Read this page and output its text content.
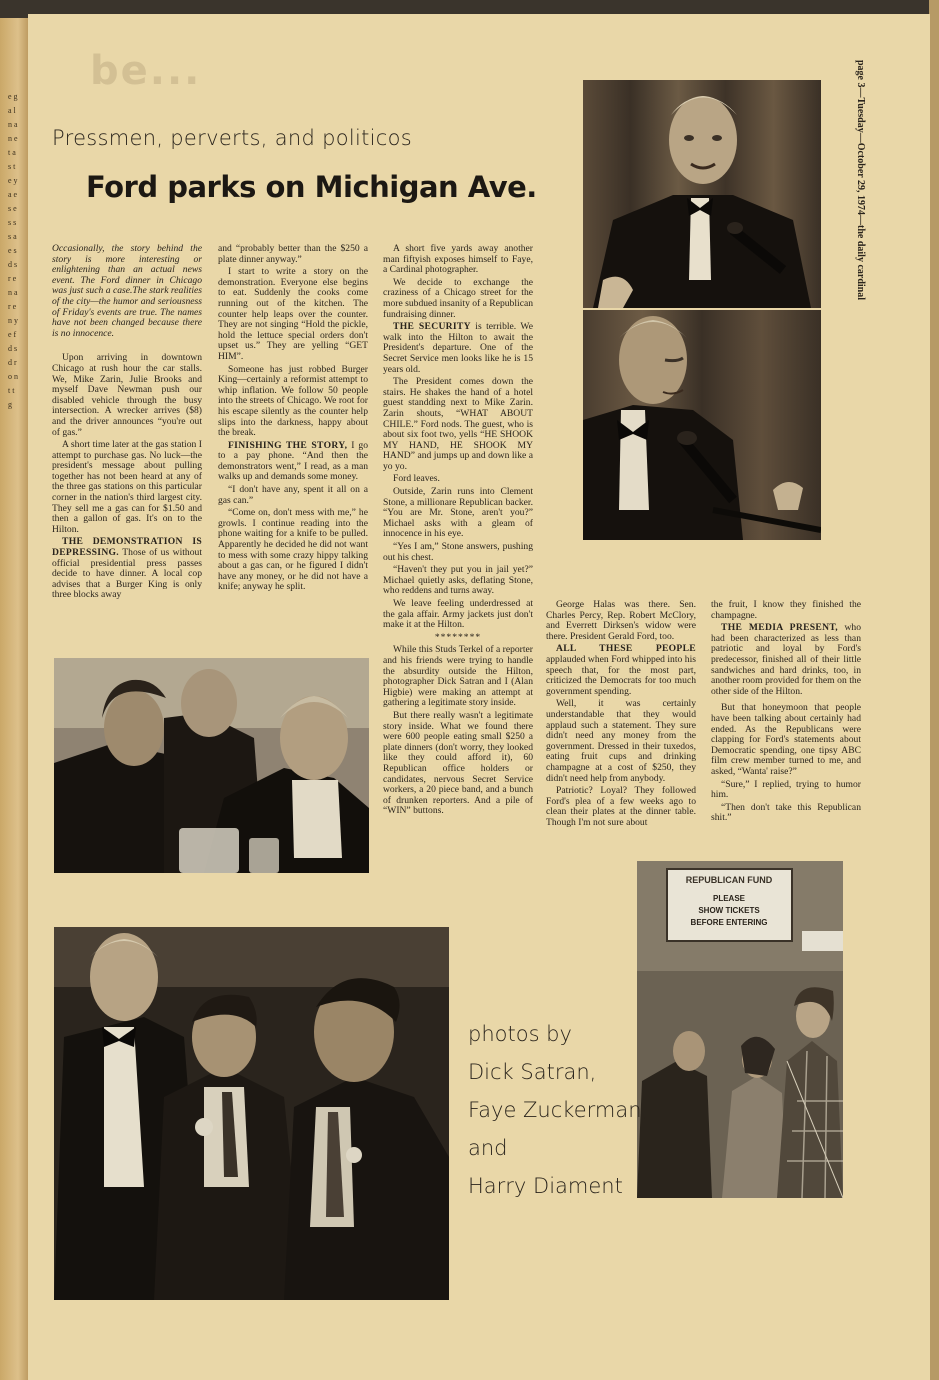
e g a l n a n e t a s t e y a e s e s s s a e s d s r e n a r e n y e f d s d r o n t t g
be...
Pressmen, perverts, and politicos
Ford parks on Michigan Ave.

Occasionally, the story behind the story is more interesting or enlightening than an actual news event. The Ford dinner in Chicago was just such a case.The stark realities of the city—the humor and seriousness of Friday's events are true. The names have not been changed because there is no innocence.

Upon arriving in downtown Chicago at rush hour the car stalls. We, Mike Zarin, Julie Brooks and myself Dave Newman push our disabled vehicle through the busy intersection. A wrecker arrives ($8) and the driver announces “you're out of gas.”

A short time later at the gas station I attempt to purchase gas. No luck—the president's message about pulling together has not been heard at any of the three gas stations on this particular corner in the nation's third largest city. They sell me a gas can for $1.50 and then a gallon of gas. It's on to the Hilton.

THE DEMONSTRATION IS DEPRESSING. Those of us without official presidential press passes decide to have dinner. A local cop advises that a Burger King is only three blocks away

and “probably better than the $250 a plate dinner anyway.”

I start to write a story on the demonstration. Everyone else begins to eat. Suddenly the cooks come running out of the kitchen. The counter help leaps over the counter. They are not singing “Hold the pickle, hold the lettuce special orders don't upset us.” They are yelling “GET HIM”.

Someone has just robbed Burger King—certainly a reformist attempt to whip inflation. We follow 50 people into the streets of Chicago. We root for his escape silently as the counter help slips into the darkness, happy about the break.

FINISHING THE STORY, I go to a pay phone. “And then the demonstrators went,” I read, as a man walks up and demands some money.

“I don't have any, spent it all on a gas can.”

“Come on, don't mess with me,” he growls. I continue reading into the phone waiting for a knife to be pulled. Apparently he decided he did not want to mess with some crazy hippy talking about a gas can, or he figured I didn't have any money, or he did not have a knife; anyway he split.

A short five yards away another man fiftyish exposes himself to Faye, a Cardinal photographer.

We decide to exchange the craziness of a Chicago street for the more subdued insanity of a Republican fundraising dinner.

THE SECURITY is terrible. We walk into the Hilton to await the President's departure. One of the Secret Service men looks like he is 15 years old.

The President comes down the stairs. He shakes the hand of a hotel guest standding next to Mike Zarin. Zarin shouts, “WHAT ABOUT CHILE.” Ford nods. The guest, who is about six foot two, yells “HE SHOOK MY HAND, HE SHOOK MY HAND” and jumps up and down like a yo yo.

Ford leaves.

Outside, Zarin runs into Clement Stone, a millionare Republican backer. “You are Mr. Stone, aren't you?” Michael asks with a gleam of innocence in his eye.

“Yes I am,” Stone answers, pushing out his chest.

“Haven't they put you in jail yet?” Michael quietly asks, deflating Stone, who reddens and turns away.

We leave feeling underdressed at the gala affair. Army jackets just don't make it at the Hilton.

********

While this Studs Terkel of a reporter and his friends were trying to handle the absurdity outside the Hilton, photographer Dick Satran and I (Alan Higbie) were making an attempt at gathering a legitimate story inside.

But there really wasn't a legitimate story inside. What we found there were 600 people eating small $250 a plate dinners (don't worry, they looked like they could afford it), 60 Republican office holders or candidates, nervous Secret Service workers, a 20 piece band, and a bunch of drunken reporters. And a pile of “WIN” buttons.

George Halas was there. Sen. Charles Percy, Rep. Robert McClory, and Everrett Dirksen's widow were there. President Gerald Ford, too.

ALL THESE PEOPLE applauded when Ford whipped into his speech that, for the most part, criticized the Democrats for too much government spending.

Well, it was certainly understandable that they would applaud such a statement. They sure didn't need any money from the government. Dressed in their tuxedos, eating fruit cups and drinking champagne at a cost of $250, they didn't need help from anybody.

Patriotic? Loyal? They followed Ford's plea of a few weeks ago to clean their plates at the dinner table. Though I'm not sure about

the fruit, I know they finished the champagne.

THE MEDIA PRESENT, who had been characterized as less than patriotic and loyal by Ford's predecessor, finished all of their little sandwiches and hard drinks, too, in another room provided for them on the other side of the Hilton.

But that honeymoon that people have been talking about certainly had ended. As the Republicans were clapping for Ford's statements about Democratic spending, one tipsy ABC film crew member turned to me, and asked, “Wanta' raise?”

“Sure,” I replied, trying to humor him.

“Then don't take this Republican shit.”

REPUBLICAN FUND
PLEASE
SHOW TICKETS
BEFORE ENTERING
photos by
Dick Satran,
Faye Zuckerman,
and
Harry Diament
page 3—Tuesday—October 29, 1974—the daily cardinal
